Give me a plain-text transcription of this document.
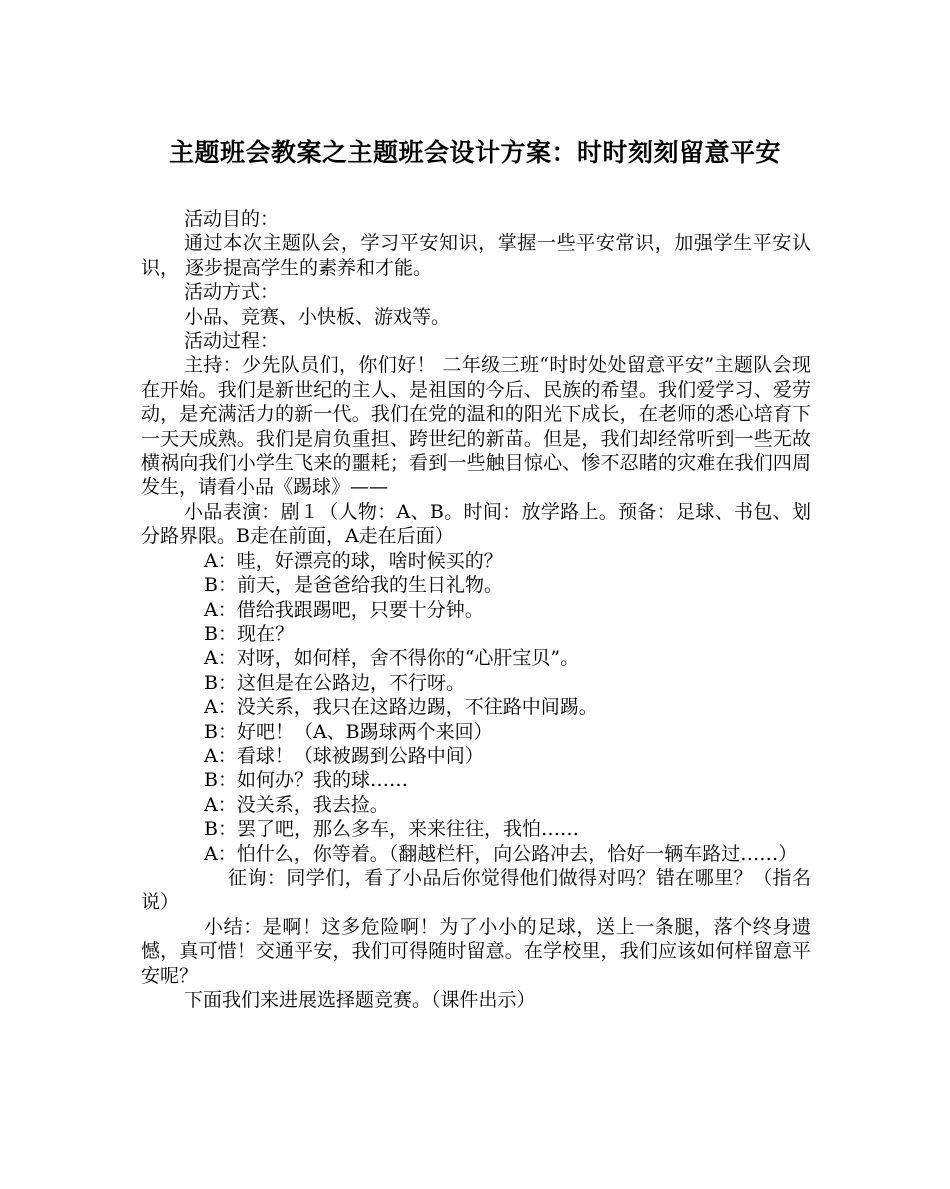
主题班会教案之主题班会设计方案：时时刻刻留意平安

活动目的：

通过本次主题队会，学习平安知识，掌握一些平安常识，加强学生平安认识， 逐步提高学生的素养和才能。

活动方式：

小品、竞赛、小快板、游戏等。

活动过程：

主持：少先队员们，你们好！ 二年级三班“时时处处留意平安”主题队会现在开始。我们是新世纪的主人、是祖国的今后、民族的希望。我们爱学习、爱劳动，是充满活力的新一代。我们在党的温和的阳光下成长，在老师的悉心培育下一天天成熟。我们是肩负重担、跨世纪的新苗。但是，我们却经常听到一些无故横祸向我们小学生飞来的噩耗；看到一些触目惊心、惨不忍睹的灾难在我们四周发生，请看小品《踢球》——

小品表演：剧１（人物：A、B。时间：放学路上。预备：足球、书包、划分路界限。B走在前面，A走在后面）

A：哇，好漂亮的球，啥时候买的？

B：前天，是爸爸给我的生日礼物。

A：借给我跟踢吧，只要十分钟。

B：现在？

A：对呀，如何样，舍不得你的“心肝宝贝”。

B：这但是在公路边，不行呀。

A：没关系，我只在这路边踢，不往路中间踢。

B：好吧！（A、B踢球两个来回）

A：看球！（球被踢到公路中间）

B：如何办？我的球……

A：没关系，我去捡。

B：罢了吧，那么多车，来来往往，我怕……

A：怕什么，你等着。（翻越栏杆，向公路冲去，恰好一辆车路过……）

征询：同学们，看了小品后你觉得他们做得对吗？错在哪里？（指名说）

小结：是啊！这多危险啊！为了小小的足球，送上一条腿，落个终身遗憾，真可惜！交通平安，我们可得随时留意。在学校里，我们应该如何样留意平安呢？

下面我们来进展选择题竞赛。（课件出示）
